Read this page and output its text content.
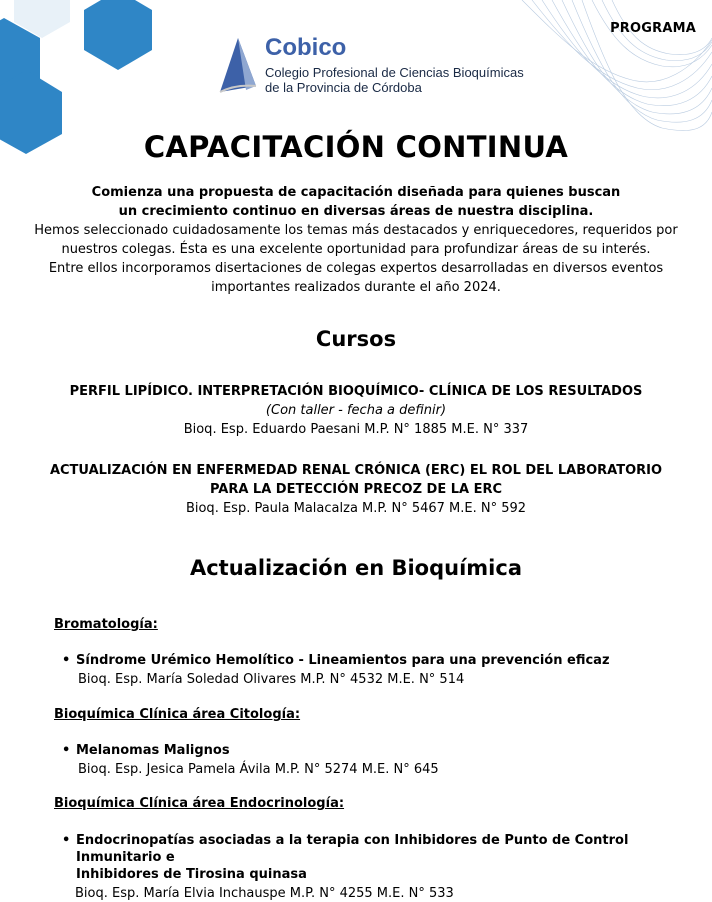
PROGRAMA
Cobico
Colegio Profesional de Ciencias Bioquímicas
de la Provincia de Córdoba
CAPACITACIÓN CONTINUA
Comienza una propuesta de capacitación diseñada para quienes buscan
un crecimiento continuo en diversas áreas de nuestra disciplina.
Hemos seleccionado cuidadosamente los temas más destacados y enriquecedores, requeridos por
nuestros colegas. Ésta es una excelente oportunidad para profundizar áreas de su interés.
Entre ellos incorporamos disertaciones de colegas expertos desarrolladas en diversos eventos
importantes realizados durante el año 2024.
Cursos
PERFIL LIPÍDICO. INTERPRETACIÓN BIOQUÍMICO- CLÍNICA DE LOS RESULTADOS
(Con taller - fecha a definir)
Bioq. Esp. Eduardo Paesani M.P. N° 1885 M.E. N° 337
ACTUALIZACIÓN EN ENFERMEDAD RENAL CRÓNICA (ERC) EL ROL DEL LABORATORIO
PARA LA DETECCIÓN PRECOZ DE LA ERC
Bioq. Esp. Paula Malacalza M.P. N° 5467 M.E. N° 592
Actualización en Bioquímica
Bromatología:
• Síndrome Urémico Hemolítico - Lineamientos para una prevención eficaz
Bioq. Esp. María Soledad Olivares M.P. N° 4532 M.E. N° 514
Bioquímica Clínica área Citología:
• Melanomas Malignos
Bioq. Esp. Jesica Pamela Ávila M.P. N° 5274 M.E. N° 645
Bioquímica Clínica área Endocrinología:
• Endocrinopatías asociadas a la terapia con Inhibidores de Punto de Control Inmunitario e
Inhibidores de Tirosina quinasa
Bioq. Esp. María Elvia Inchauspe M.P. N° 4255 M.E. N° 533
